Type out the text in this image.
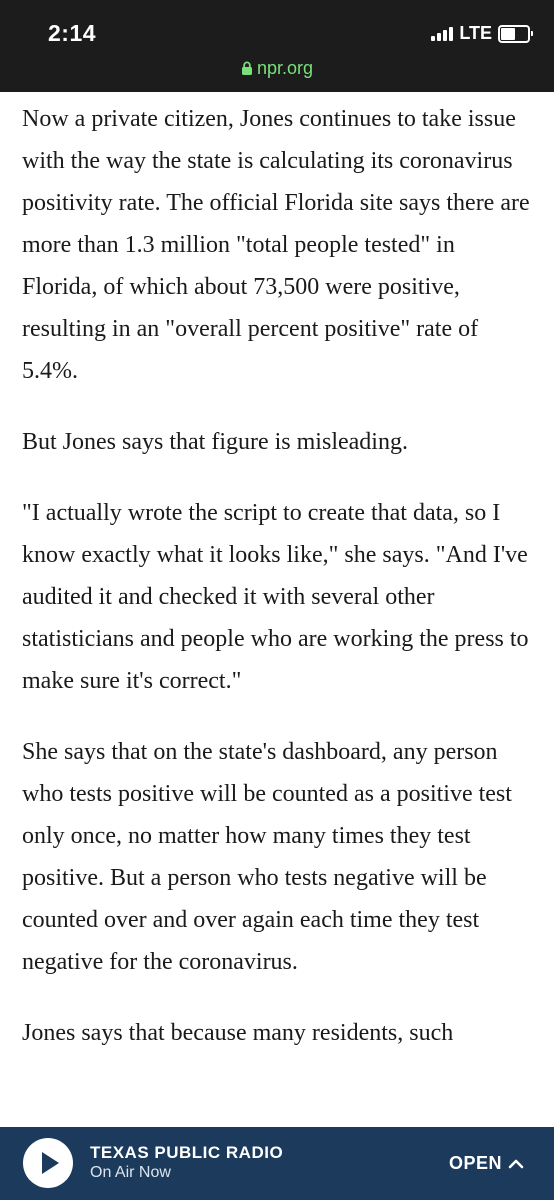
2:14	LTE
npr.org

Now a private citizen, Jones continues to take issue with the way the state is calculating its coronavirus positivity rate. The official Florida site says there are more than 1.3 million "total people tested" in Florida, of which about 73,500 were positive, resulting in an "overall percent positive" rate of 5.4%.

But Jones says that figure is misleading.

"I actually wrote the script to create that data, so I know exactly what it looks like," she says. "And I've audited it and checked it with several other statisticians and people who are working the press to make sure it's correct."

She says that on the state's dashboard, any person who tests positive will be counted as a positive test only once, no matter how many times they test positive. But a person who tests negative will be counted over and over again each time they test negative for the coronavirus.

Jones says that because many residents, such

TEXAS PUBLIC RADIO
On Air Now	OPEN
